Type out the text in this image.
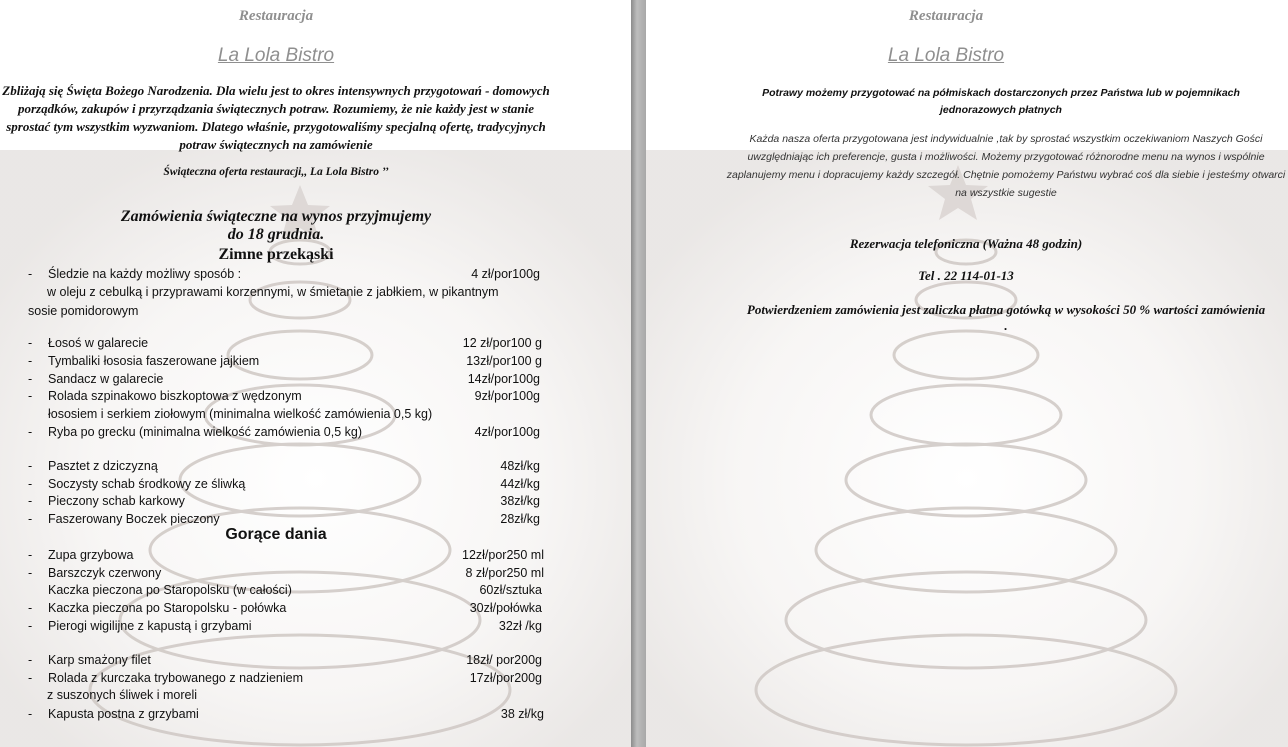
Restauracja
La Lola Bistro
Zbliżają się Święta Bożego Narodzenia. Dla wielu jest to okres intensywnych przygotowań - domowych porządków, zakupów i przyrządzania świątecznych potraw. Rozumiemy, że nie każdy jest w stanie sprostać tym wszystkim wyzwaniom. Dlatego właśnie, przygotowaliśmy specjalną ofertę, tradycyjnych potraw świątecznych na zamówienie
Świąteczna oferta restauracji,, La Lola Bistro ’’
Zamówienia świąteczne na wynos przyjmujemy
do 18 grudnia.
Zimne przekąski
- Śledzie na każdy możliwy sposób :	4 zł/por100g
w oleju z cebulką i przyprawami korzennymi, w śmietanie z jabłkiem, w pikantnym
sosie pomidorowym
- Łosoś w galarecie	12 zł/por100 g
- Tymbaliki łososia faszerowane jajkiem	13zł/por100 g
- Sandacz w galarecie	14zł/por100g
- Rolada szpinakowo biszkoptowa z wędzonym	9zł/por100g
łososiem i serkiem ziołowym (minimalna wielkość zamówienia 0,5 kg)
- Ryba po grecku (minimalna wielkość zamówienia 0,5 kg)	4zł/por100g
- Pasztet z dziczyzną	48zł/kg
- Soczysty schab środkowy ze śliwką	44zł/kg
- Pieczony schab karkowy	38zł/kg
- Faszerowany Boczek pieczony	28zł/kg
Gorące dania
- Zupa grzybowa	12zł/por250 ml
- Barszczyk czerwony	8 zł/por250 ml
Kaczka pieczona po Staropolsku (w całości)	60zł/sztuka
- Kaczka pieczona po Staropolsku - połówka	30zł/połówka
- Pierogi wigilijne z kapustą i grzybami	32zł /kg
- Karp smażony filet	18zł/ por200g
- Rolada z kurczaka trybowanego z nadzieniem	17zł/por200g
z suszonych śliwek i moreli
- Kapusta postna z grzybami	38 zł/kg
Restauracja
La Lola Bistro
Potrawy możemy przygotować na półmiskach dostarczonych przez Państwa lub w pojemnikach jednorazowych płatnych
Każda nasza oferta przygotowana jest indywidualnie ,tak by sprostać wszystkim oczekiwaniom Naszych Gości uwzględniając ich preferencje, gusta i możliwości. Możemy przygotować różnorodne menu na wynos i wspólnie zaplanujemy menu i dopracujemy każdy szczegół. Chętnie pomożemy Państwu wybrać coś dla siebie i jesteśmy otwarci na wszystkie sugestie
Rezerwacja telefoniczna (Ważna 48 godzin)
Tel . 22 114-01-13
Potwierdzeniem zamówienia jest zaliczka płatna gotówką w wysokości 50 % wartości zamówienia .
